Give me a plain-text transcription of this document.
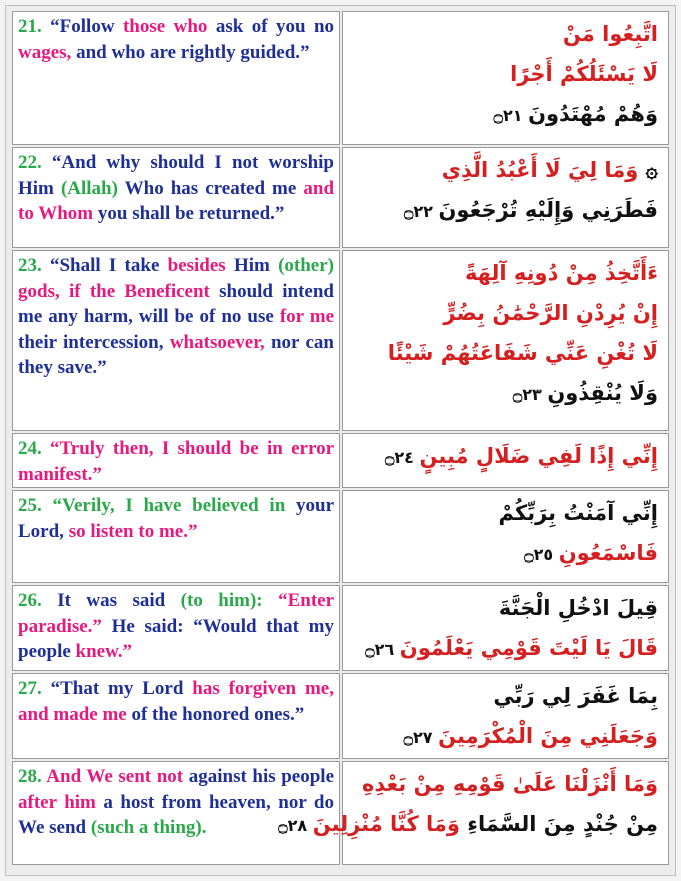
21. “Follow those who ask of you no wages, and who are rightly guided.”	اتَّبِعُوا مَنْ
لَا يَسْئَلُكُمْ أَجْرًا
وَهُمْ مُهْتَدُونَ ۝٢١

22. “And why should I not worship Him (Allah) Who has created me and to Whom you shall be returned.”	۞ وَمَا لِيَ لَا أَعْبُدُ الَّذِي
فَطَرَنِي وَإِلَيْهِ تُرْجَعُونَ ۝٢٢

23. “Shall I take besides Him (other) gods, if the Beneficent should intend me any harm, will be of no use for me their intercession, whatsoever, nor can they save.”	ءَأَتَّخِذُ مِنْ دُونِهِ آلِهَةً
إِنْ يُرِدْنِ الرَّحْمَٰنُ بِضُرٍّ
لَا تُغْنِ عَنِّي شَفَاعَتُهُمْ شَيْئًا
وَلَا يُنْقِذُونِ ۝٢٣

24. “Truly then, I should be in error manifest.”	إِنِّي إِذًا لَفِي ضَلَالٍ مُبِينٍ ۝٢٤

25. “Verily, I have believed in your Lord, so listen to me.”	إِنِّي آمَنْتُ بِرَبِّكُمْ
فَاسْمَعُونِ ۝٢٥

26. It was said (to him): “Enter paradise.” He said: “Would that my people knew.”	قِيلَ ادْخُلِ الْجَنَّةَ
قَالَ يَا لَيْتَ قَوْمِي يَعْلَمُونَ ۝٢٦

27. “That my Lord has forgiven me, and made me of the honored ones.”	بِمَا غَفَرَ لِي رَبِّي
وَجَعَلَنِي مِنَ الْمُكْرَمِينَ ۝٢٧

28. And We sent not against his people after him a host from heaven, nor do We send (such a thing).	وَمَا أَنْزَلْنَا عَلَىٰ قَوْمِهِ مِنْ بَعْدِهِ
مِنْ جُنْدٍ مِنَ السَّمَاءِ وَمَا كُنَّا مُنْزِلِينَ ۝٢٨
